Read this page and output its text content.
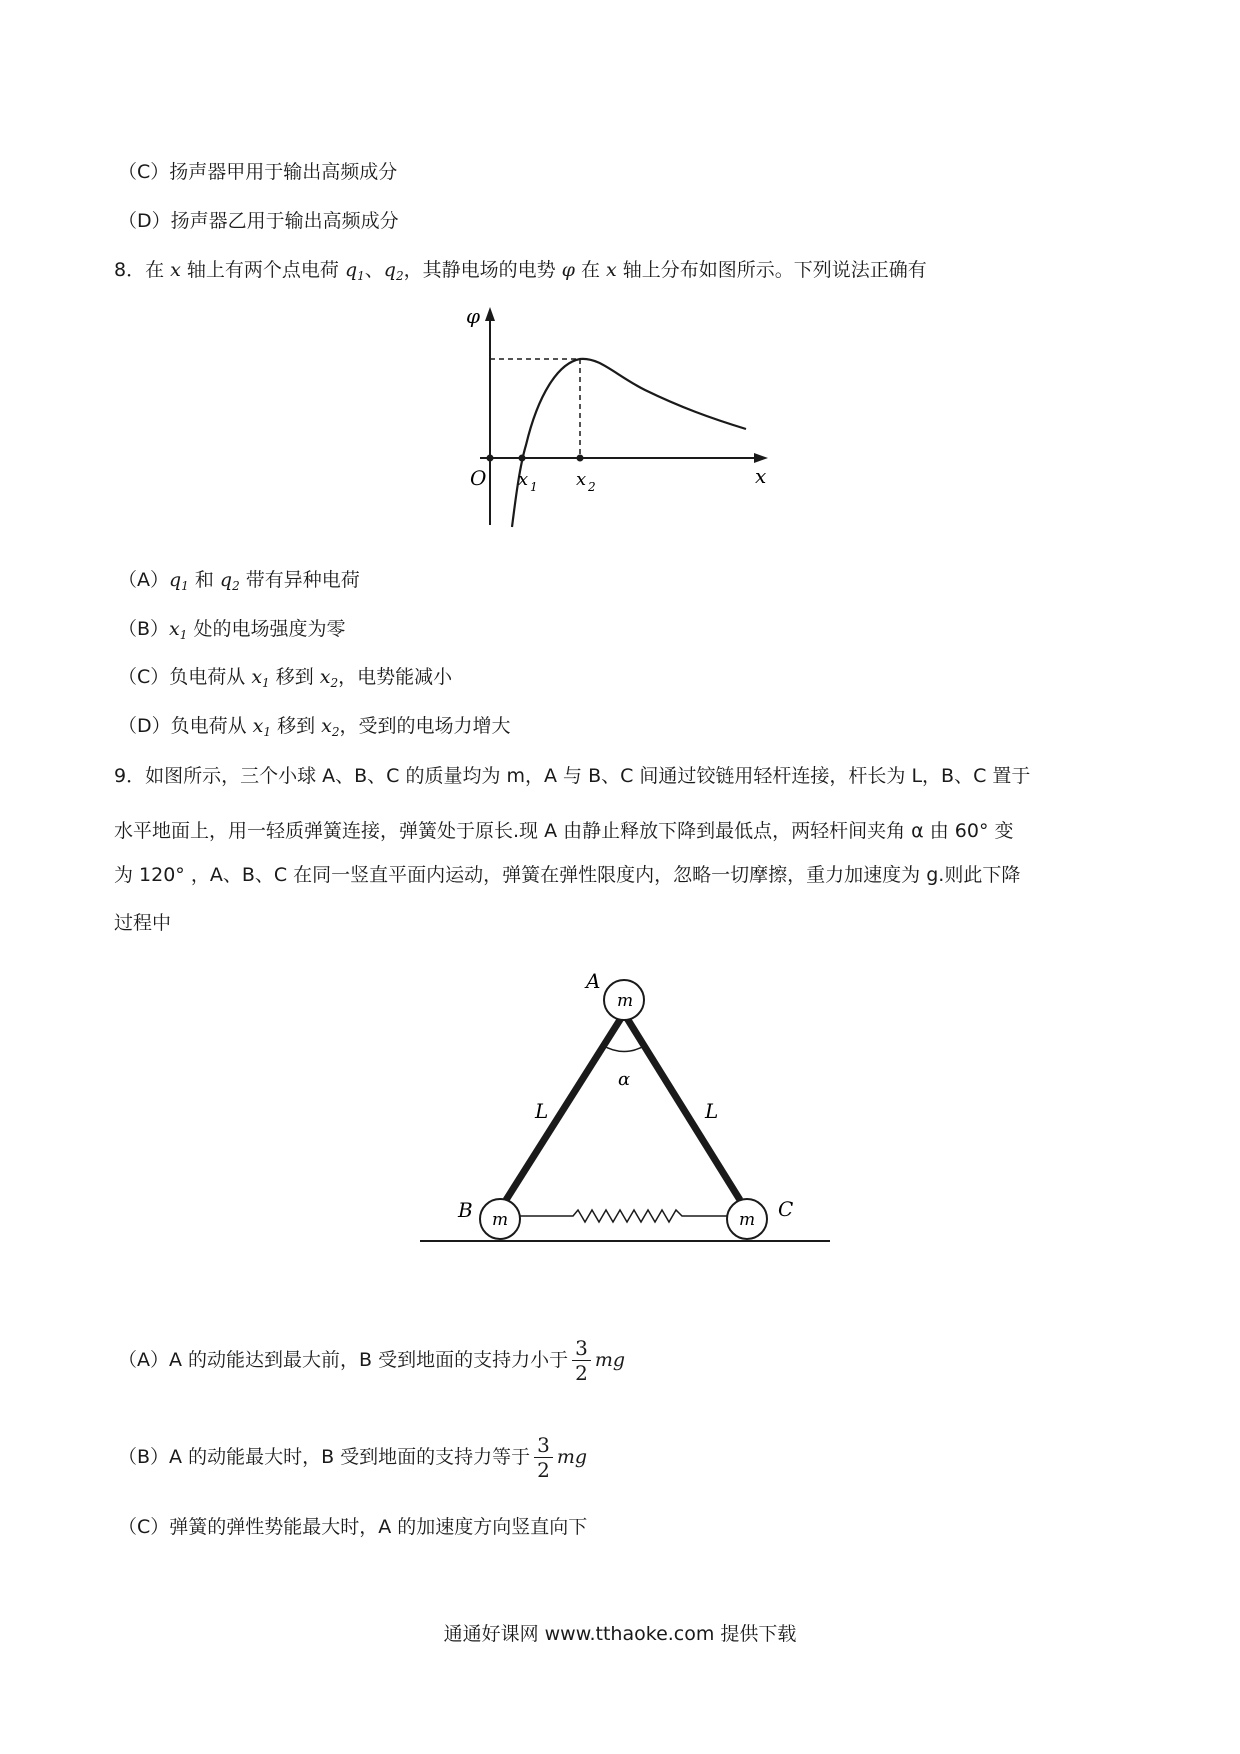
（C）扬声器甲用于输出高频成分
（D）扬声器乙用于输出高频成分
8．在 x 轴上有两个点电荷 $q_1$、$q_2$，其静电场的电势 φ 在 x 轴上分布如图所示。下列说法正确有
φ
x
O x 1 x 2
$(A)q_1$ 和 $q_2$ 带有异种电荷
$(B)x_1$ 处的电场强度为零
（C）负电荷从 $x_1$ 移到 $x_2$，电势能减小
（D）负电荷从 $x_1$ 移到 $x_2$，受到的电场力增大
9．如图所示，三个小球 A、B、C 的质量均为 m，A 与 B、C 间通过铰链用轻杆连接，杆长为 L，B、C 置于
水平地面上，用一轻质弹簧连接，弹簧处于原长.现 A 由静止释放下降到最低点，两轻杆间夹角 α 由 60° 变
为 120° ，A、B、C 在同一竖直平面内运动，弹簧在弹性限度内，忽略一切摩擦，重力加速度为 g.则此下降
过程中
A
B	C
m
m	m
L	L
α
（A）A 的动能达到最大前，B 受到地面的支持力小于 $\frac{3}{2}$ mg
（B）A 的动能最大时，B 受到地面的支持力等于 $\frac{3}{2}$ mg
（C）弹簧的弹性势能最大时，A 的加速度方向竖直向下
通通好课网 www.tthaoke.com 提供下载
